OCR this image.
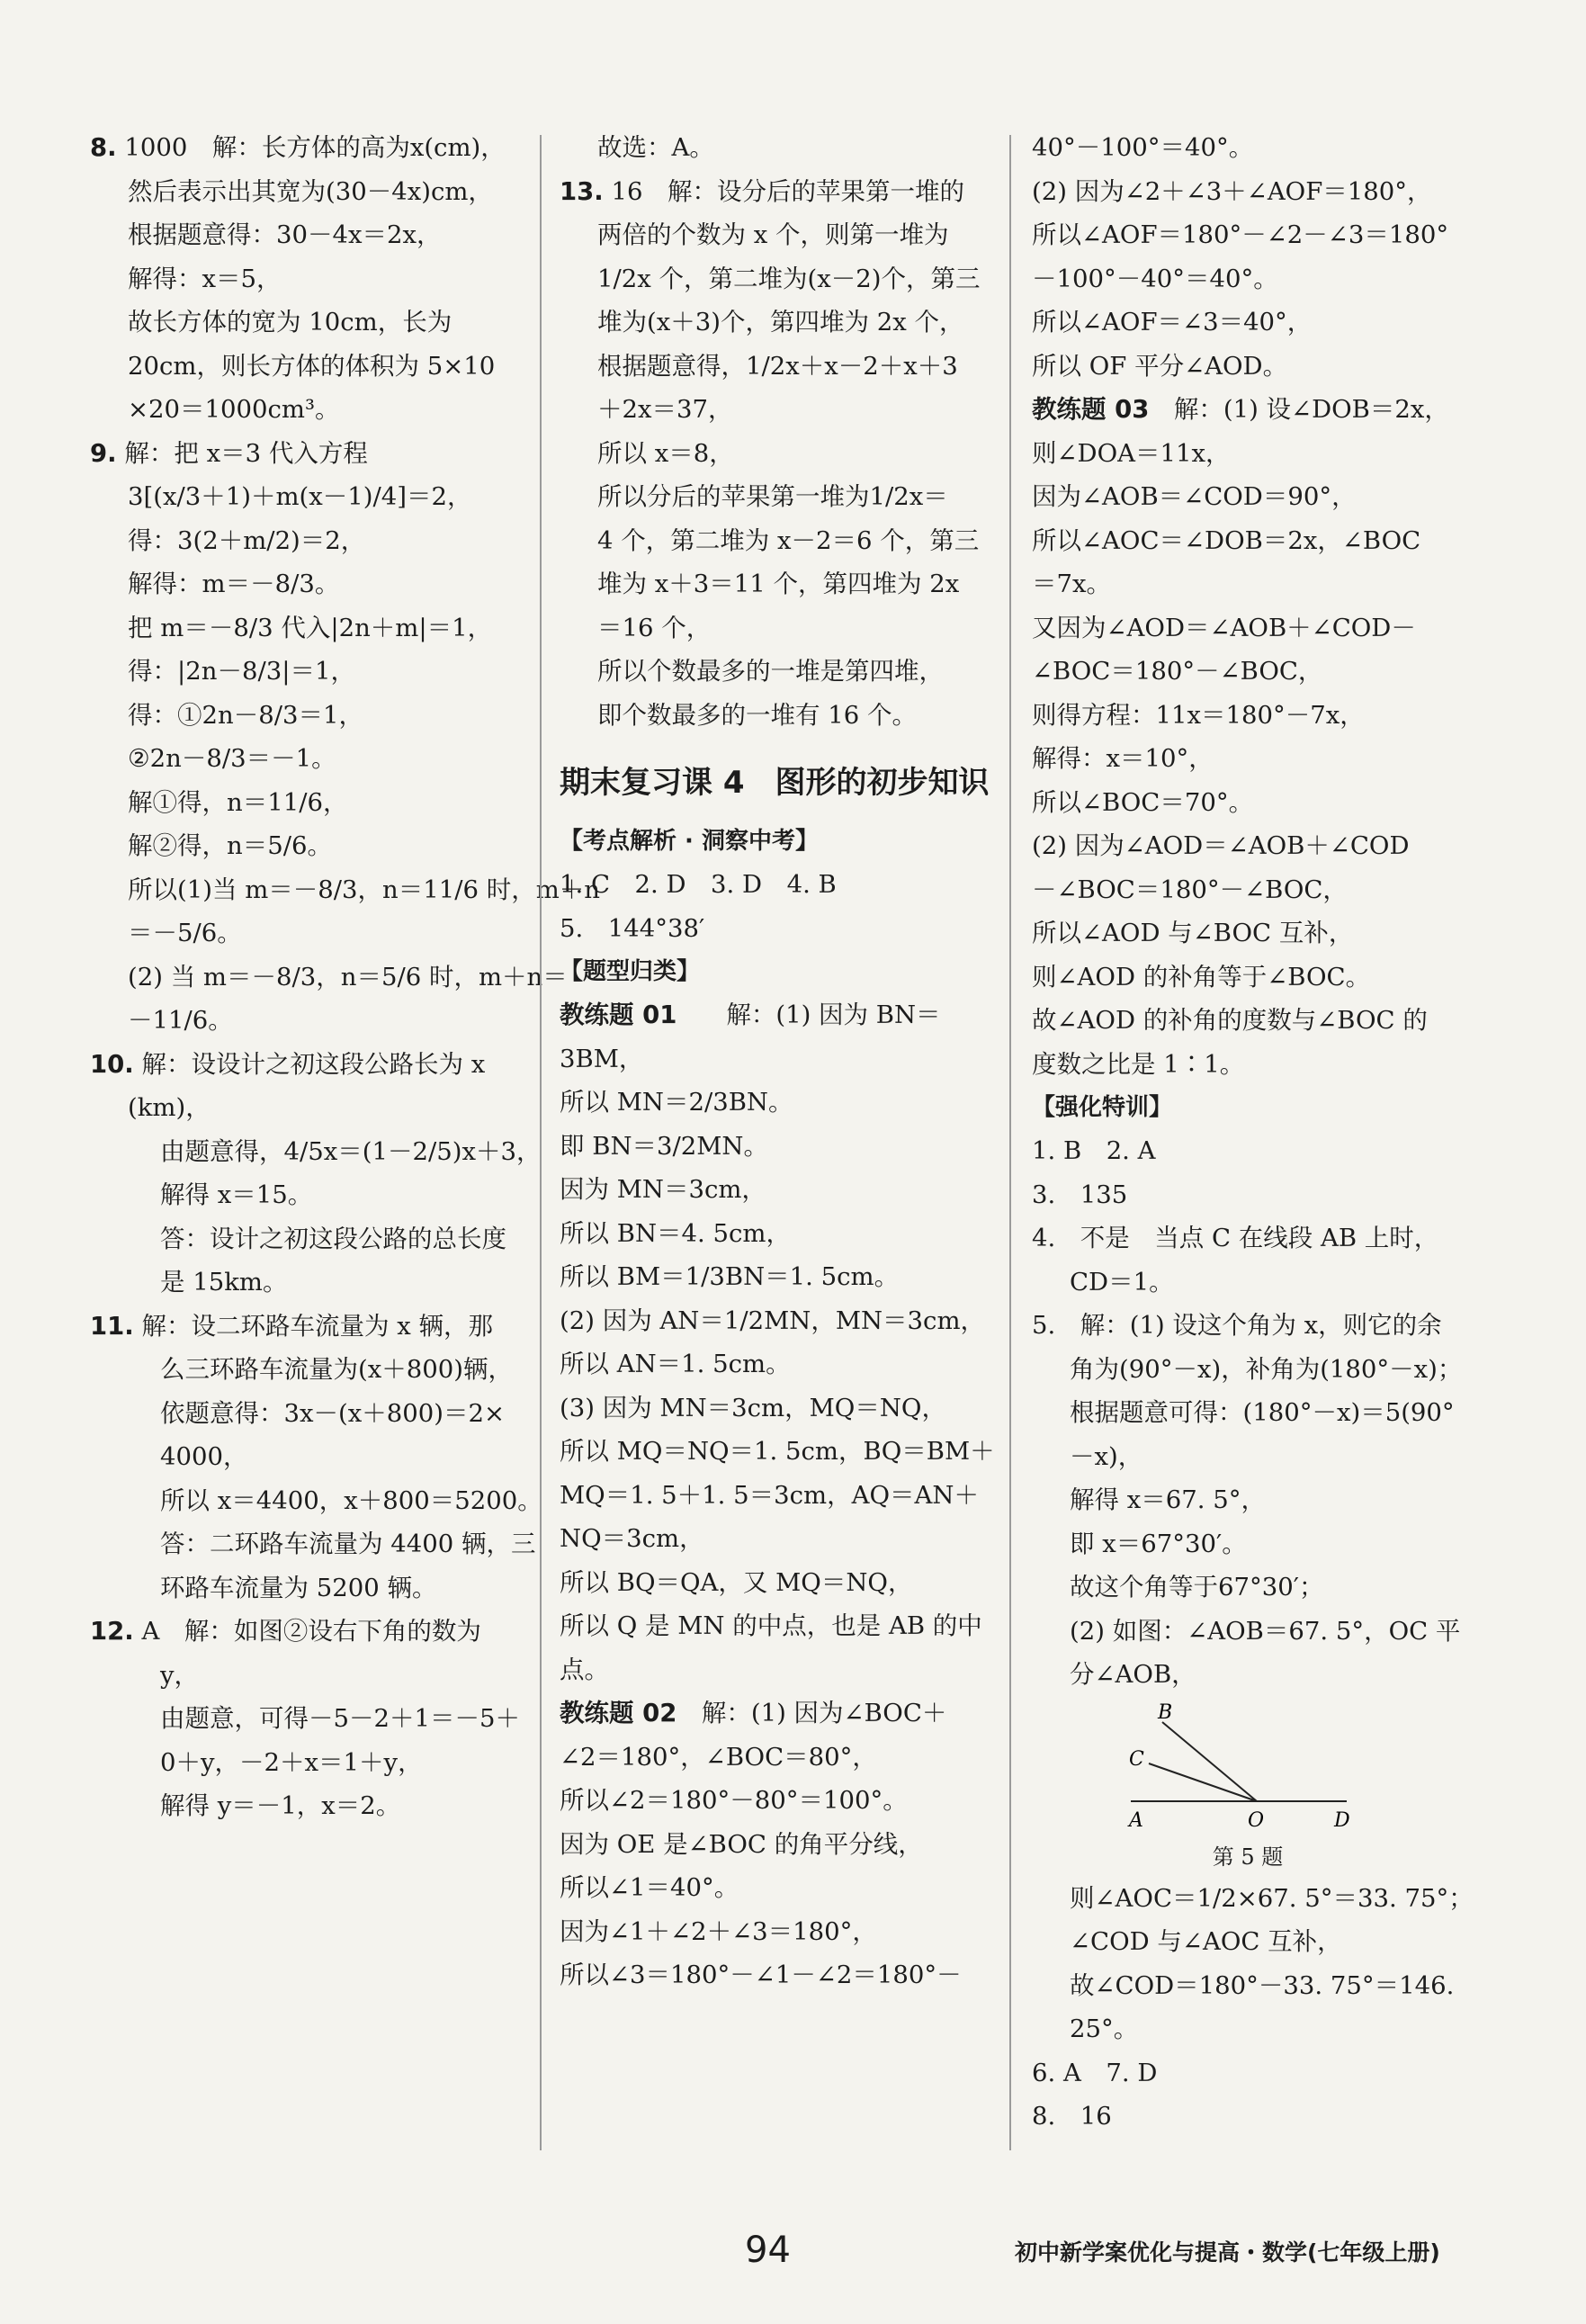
8. 1000　解：长方体的高为x(cm)，
然后表示出其宽为(30－4x)cm，
根据题意得：30－4x＝2x，
解得：x＝5，
故长方体的宽为 10cm，长为
20cm，则长方体的体积为 5×10
×20＝1000cm³。
9. 解：把 x＝3 代入方程
3[(x/3＋1)＋m(x－1)/4]＝2，
得：3(2＋m/2)＝2，
解得：m＝－8/3。
把 m＝－8/3 代入|2n＋m|＝1，
得：|2n－8/3|＝1，
得：①2n－8/3＝1，
②2n－8/3＝－1。
解①得，n＝11/6，
解②得，n＝5/6。
所以(1)当 m＝－8/3，n＝11/6 时，m＋n
＝－5/6。
(2) 当 m＝－8/3，n＝5/6 时，m＋n＝
－11/6。
10. 解：设设计之初这段公路长为 x
(km)，
由题意得，4/5x＝(1－2/5)x＋3，
解得 x＝15。
答：设计之初这段公路的总长度
是 15km。
11. 解：设二环路车流量为 x 辆，那
么三环路车流量为(x＋800)辆，
依题意得：3x－(x＋800)＝2×
4000，
所以 x＝4400，x＋800＝5200。
答：二环路车流量为 4400 辆，三
环路车流量为 5200 辆。
12. A　解：如图②设右下角的数为
y，
由题意，可得－5－2＋1＝－5＋
0＋y，－2＋x＝1＋y，
解得 y＝－1，x＝2。
故选：A。
13. 16　解：设分后的苹果第一堆的
两倍的个数为 x 个，则第一堆为
1/2x 个，第二堆为(x－2)个，第三
堆为(x＋3)个，第四堆为 2x 个，
根据题意得，1/2x＋x－2＋x＋3
＋2x＝37，
所以 x＝8，
所以分后的苹果第一堆为1/2x＝
4 个，第二堆为 x－2＝6 个，第三
堆为 x＋3＝11 个，第四堆为 2x
＝16 个，
所以个数最多的一堆是第四堆，
即个数最多的一堆有 16 个。
期末复习课 4　图形的初步知识
【考点解析 · 洞察中考】
1. C　2. D　3. D　4. B
5.　144°38′
【题型归类】
教练题 01　　解：(1) 因为 BN＝
3BM，
所以 MN＝2/3BN。
即 BN＝3/2MN。
因为 MN＝3cm，
所以 BN＝4. 5cm，
所以 BM＝1/3BN＝1. 5cm。
(2) 因为 AN＝1/2MN，MN＝3cm，
所以 AN＝1. 5cm。
(3) 因为 MN＝3cm，MQ＝NQ，
所以 MQ＝NQ＝1. 5cm，BQ＝BM＋
MQ＝1. 5＋1. 5＝3cm，AQ＝AN＋
NQ＝3cm，
所以 BQ＝QA，又 MQ＝NQ，
所以 Q 是 MN 的中点，也是 AB 的中
点。
教练题 02　解：(1) 因为∠BOC＋
∠2＝180°，∠BOC＝80°，
所以∠2＝180°－80°＝100°。
因为 OE 是∠BOC 的角平分线，
所以∠1＝40°。
因为∠1＋∠2＋∠3＝180°，
所以∠3＝180°－∠1－∠2＝180°－
40°－100°＝40°。
(2) 因为∠2＋∠3＋∠AOF＝180°，
所以∠AOF＝180°－∠2－∠3＝180°
－100°－40°＝40°。
所以∠AOF＝∠3＝40°，
所以 OF 平分∠AOD。
教练题 03　解：(1) 设∠DOB＝2x，
则∠DOA＝11x，
因为∠AOB＝∠COD＝90°，
所以∠AOC＝∠DOB＝2x，∠BOC
＝7x。
又因为∠AOD＝∠AOB＋∠COD－
∠BOC＝180°－∠BOC，
则得方程：11x＝180°－7x，
解得：x＝10°，
所以∠BOC＝70°。
(2) 因为∠AOD＝∠AOB＋∠COD
－∠BOC＝180°－∠BOC，
所以∠AOD 与∠BOC 互补，
则∠AOD 的补角等于∠BOC。
故∠AOD 的补角的度数与∠BOC 的
度数之比是 1∶1。
【强化特训】
1. B　2. A
3.　135
4.　不是　当点 C 在线段 AB 上时，
CD＝1。
5.　解：(1) 设这个角为 x，则它的余
角为(90°－x)，补角为(180°－x)；
根据题意可得：(180°－x)＝5(90°
－x)，
解得 x＝67. 5°，
即 x＝67°30′。
故这个角等于67°30′；
(2) 如图：∠AOB＝67. 5°，OC 平
分∠AOB，
B
C
A	O	D
第 5 题
则∠AOC＝1/2×67. 5°＝33. 75°；
∠COD 与∠AOC 互补，
故∠COD＝180°－33. 75°＝146.
25°。
6. A　7. D
8.　16
94	初中新学案优化与提高・数学(七年级上册)
